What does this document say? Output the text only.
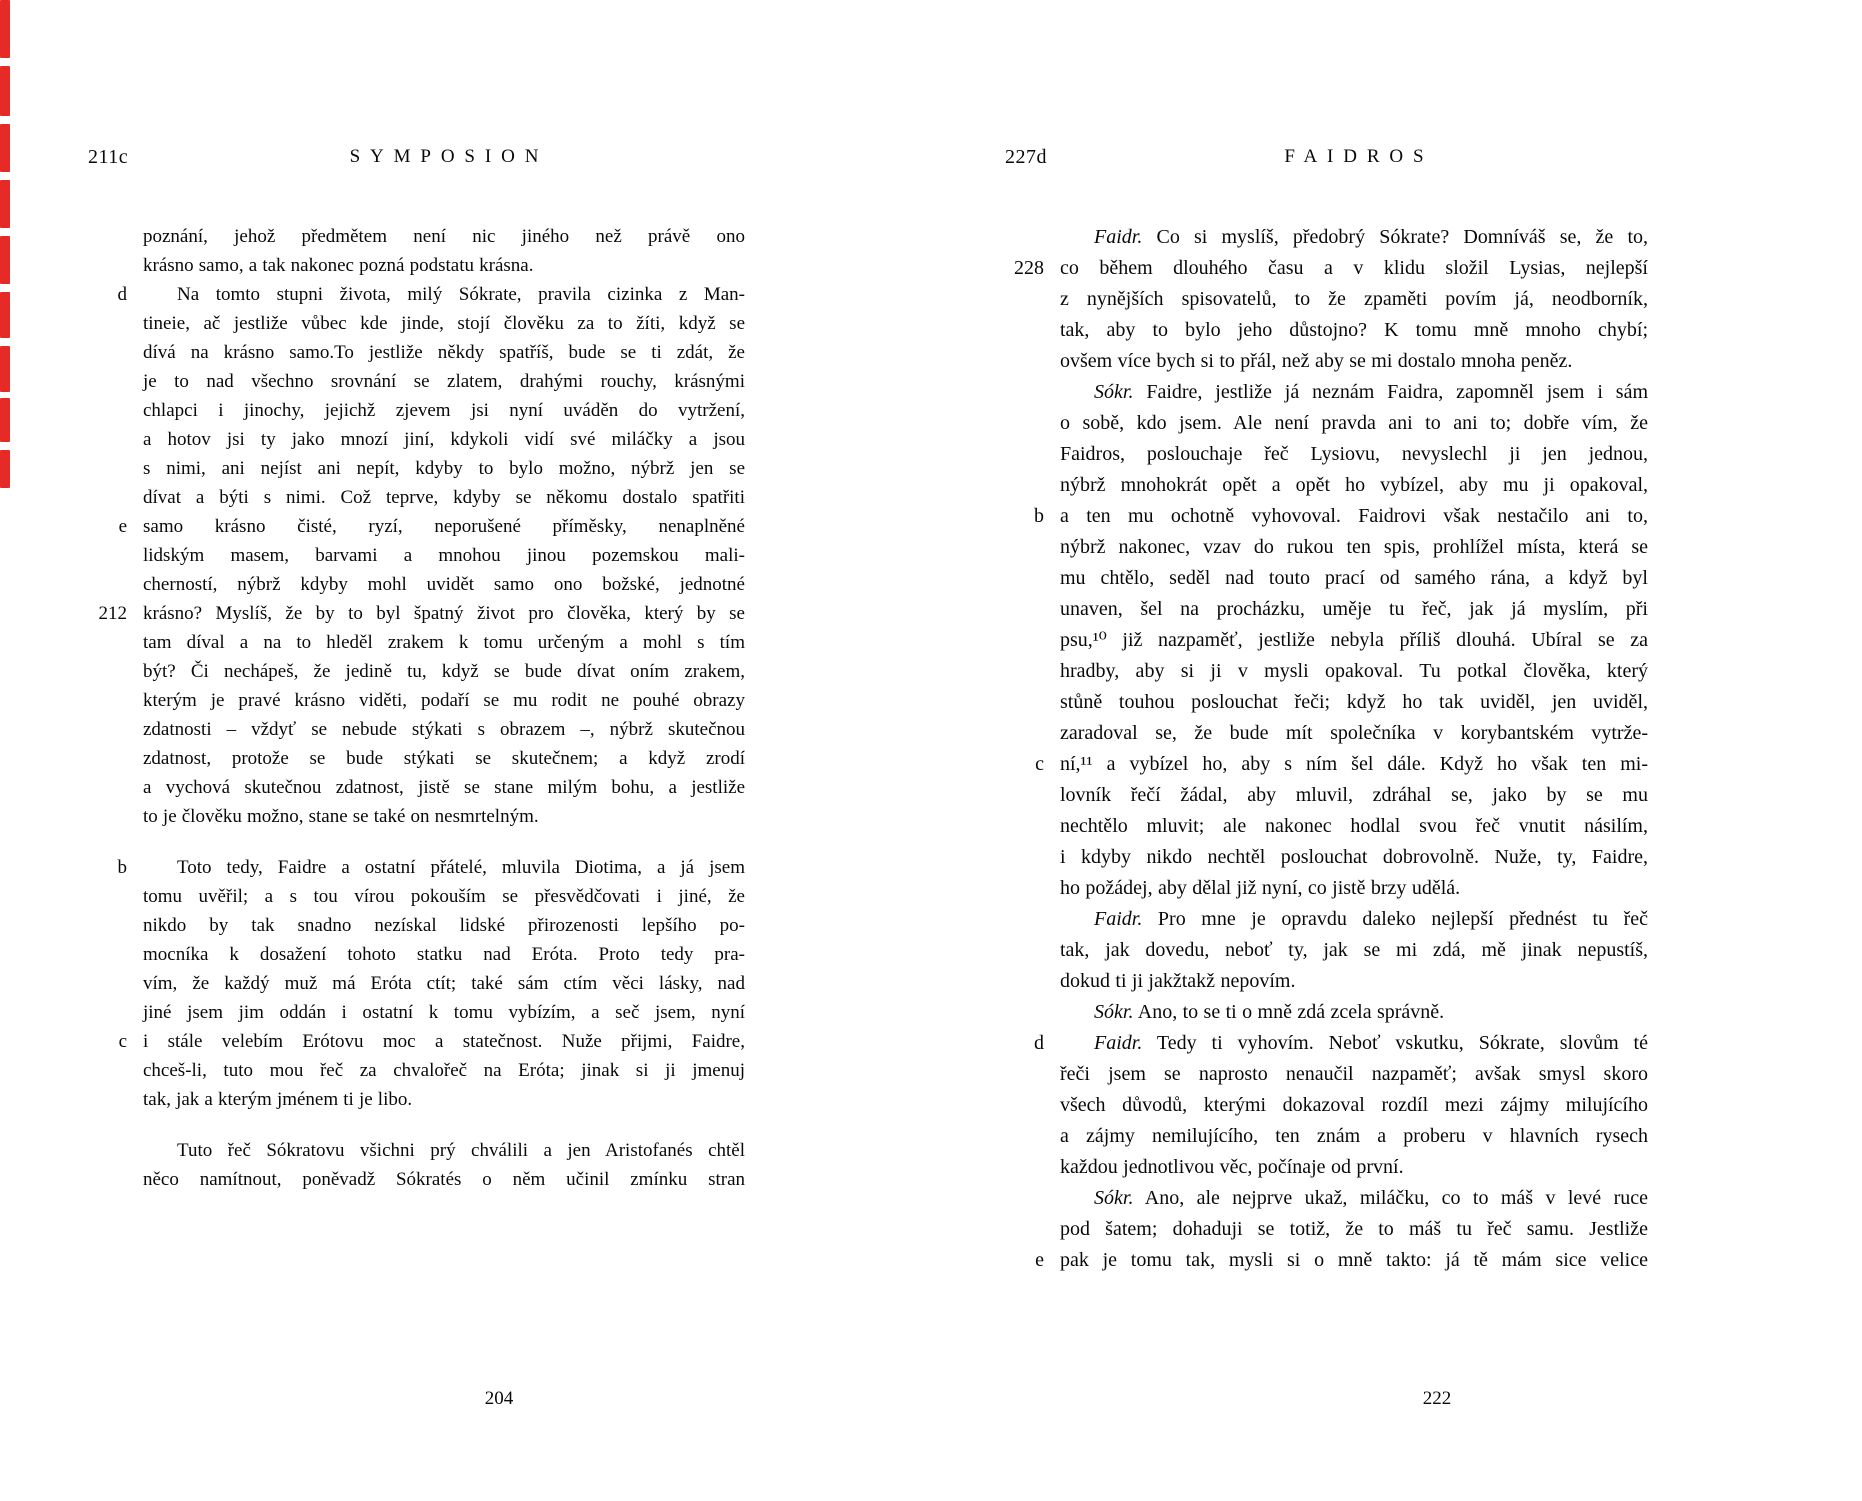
211c	SYMPOSION
poznání, jehož předmětem není nic jiného než právě ono
krásno samo, a tak nakonec pozná podstatu krásna.
d	Na tomto stupni života, milý Sókrate, pravila cizinka z Man-
tineie, ač jestliže vůbec kde jinde, stojí člověku za to žíti, když se
dívá na krásno samo.To jestliže někdy spatříš, bude se ti zdát, že
je to nad všechno srovnání se zlatem, drahými rouchy, krásnými
chlapci i jinochy, jejichž zjevem jsi nyní uváděn do vytržení,
a hotov jsi ty jako mnozí jiní, kdykoli vidí své miláčky a jsou
s nimi, ani nejíst ani nepít, kdyby to bylo možno, nýbrž jen se
dívat a býti s nimi. Což teprve, kdyby se někomu dostalo spatřiti
e samo krásno čisté, ryzí, neporušené příměsky, nenaplněné
lidským masem, barvami a mnohou jinou pozemskou mali-
cherností, nýbrž kdyby mohl uvidět samo ono božské, jednotné
212 krásno? Myslíš, že by to byl špatný život pro člověka, který by se
tam díval a na to hleděl zrakem k tomu určeným a mohl s tím
být? Či nechápeš, že jedině tu, když se bude dívat oním zrakem,
kterým je pravé krásno viděti, podaří se mu rodit ne pouhé obrazy
zdatnosti – vždyť se nebude stýkati s obrazem –, nýbrž skutečnou
zdatnost, protože se bude stýkati se skutečnem; a když zrodí
a vychová skutečnou zdatnost, jistě se stane milým bohu, a jestliže
to je člověku možno, stane se také on nesmrtelným.
b	Toto tedy, Faidre a ostatní přátelé, mluvila Diotima, a já jsem
tomu uvěřil; a s tou vírou pokouším se přesvědčovati i jiné, že
nikdo by tak snadno nezískal lidské přirozenosti lepšího po-
mocníka k dosažení tohoto statku nad Eróta. Proto tedy pra-
vím, že každý muž má Eróta ctít; také sám ctím věci lásky, nad
jiné jsem jim oddán i ostatní k tomu vybízím, a seč jsem, nyní
c i stále velebím Erótovu moc a statečnost. Nuže přijmi, Faidre,
chceš-li, tuto mou řeč za chvalořeč na Eróta; jinak si ji jmenuj
tak, jak a kterým jménem ti je libo.
Tuto řeč Sókratovu všichni prý chválili a jen Aristofanés chtěl
něco namítnout, poněvadž Sókratés o něm učinil zmínku stran
204
227d	FAIDROS
Faidr. Co si myslíš, předobrý Sókrate? Domníváš se, že to,
228 co během dlouhého času a v klidu složil Lysias, nejlepší
z nynějších spisovatelů, to že zpaměti povím já, neodborník,
tak, aby to bylo jeho důstojno? K tomu mně mnoho chybí;
ovšem více bych si to přál, než aby se mi dostalo mnoha peněz.
Sókr. Faidre, jestliže já neznám Faidra, zapomněl jsem i sám
o sobě, kdo jsem. Ale není pravda ani to ani to; dobře vím, že
Faidros, poslouchaje řeč Lysiovu, nevyslechl ji jen jednou,
nýbrž mnohokrát opět a opět ho vybízel, aby mu ji opakoval,
b a ten mu ochotně vyhovoval. Faidrovi však nestačilo ani to,
nýbrž nakonec, vzav do rukou ten spis, prohlížel místa, která se
mu chtělo, seděl nad touto prací od samého rána, a když byl
unaven, šel na procházku, uměje tu řeč, jak já myslím, při
psu,¹⁰ již nazpaměť, jestliže nebyla příliš dlouhá. Ubíral se za
hradby, aby si ji v mysli opakoval. Tu potkal člověka, který
stůně touhou poslouchat řeči; když ho tak uviděl, jen uviděl,
zaradoval se, že bude mít společníka v korybantském vytrže-
c ní,¹¹ a vybízel ho, aby s ním šel dále. Když ho však ten mi-
lovník řečí žádal, aby mluvil, zdráhal se, jako by se mu
nechtělo mluvit; ale nakonec hodlal svou řeč vnutit násilím,
i kdyby nikdo nechtěl poslouchat dobrovolně. Nuže, ty, Faidre,
ho požádej, aby dělal již nyní, co jistě brzy udělá.
Faidr. Pro mne je opravdu daleko nejlepší přednést tu řeč
tak, jak dovedu, neboť ty, jak se mi zdá, mě jinak nepustíš,
dokud ti ji jakžtakž nepovím.
Sókr. Ano, to se ti o mně zdá zcela správně.
d	Faidr. Tedy ti vyhovím. Neboť vskutku, Sókrate, slovům té
řeči jsem se naprosto nenaučil nazpaměť; avšak smysl skoro
všech důvodů, kterými dokazoval rozdíl mezi zájmy milujícího
a zájmy nemilujícího, ten znám a proberu v hlavních rysech
každou jednotlivou věc, počínaje od první.
Sókr. Ano, ale nejprve ukaž, miláčku, co to máš v levé ruce
pod šatem; dohaduji se totiž, že to máš tu řeč samu. Jestliže
e pak je tomu tak, mysli si o mně takto: já tě mám sice velice
222
